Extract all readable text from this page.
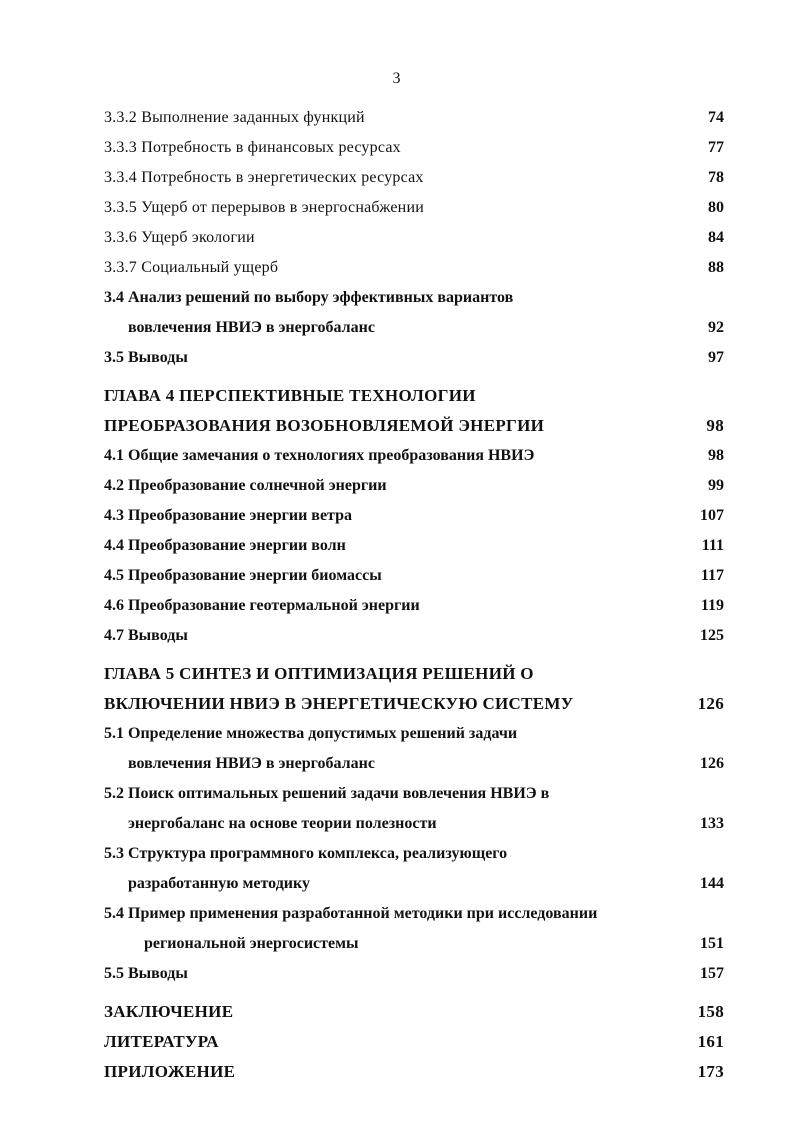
3
3.3.2 Выполнение заданных функций	74
3.3.3 Потребность в финансовых ресурсах	77
3.3.4 Потребность в энергетических ресурсах	78
3.3.5 Ущерб от перерывов в энергоснабжении	80
3.3.6 Ущерб экологии	84
3.3.7 Социальный ущерб	88
3.4 Анализ решений по выбору эффективных вариантов
вовлечения НВИЭ в энергобаланс	92
3.5 Выводы	97
ГЛАВА 4 ПЕРСПЕКТИВНЫЕ ТЕХНОЛОГИИ
ПРЕОБРАЗОВАНИЯ ВОЗОБНОВЛЯЕМОЙ ЭНЕРГИИ	98
4.1 Общие замечания о технологиях преобразования НВИЭ	98
4.2 Преобразование солнечной энергии	99
4.3 Преобразование энергии ветра	107
4.4 Преобразование энергии волн	111
4.5 Преобразование энергии биомассы	117
4.6 Преобразование геотермальной энергии	119
4.7 Выводы	125
ГЛАВА 5 СИНТЕЗ И ОПТИМИЗАЦИЯ РЕШЕНИЙ О
ВКЛЮЧЕНИИ НВИЭ В ЭНЕРГЕТИЧЕСКУЮ СИСТЕМУ	126
5.1 Определение множества допустимых решений задачи
вовлечения НВИЭ в энергобаланс	126
5.2 Поиск оптимальных решений задачи вовлечения НВИЭ в
энергобаланс на основе теории полезности	133
5.3 Структура программного комплекса, реализующего
разработанную методику	144
5.4 Пример применения разработанной методики при исследовании
региональной энергосистемы	151
5.5 Выводы	157
ЗАКЛЮЧЕНИЕ	158
ЛИТЕРАТУРА	161
ПРИЛОЖЕНИЕ	173
